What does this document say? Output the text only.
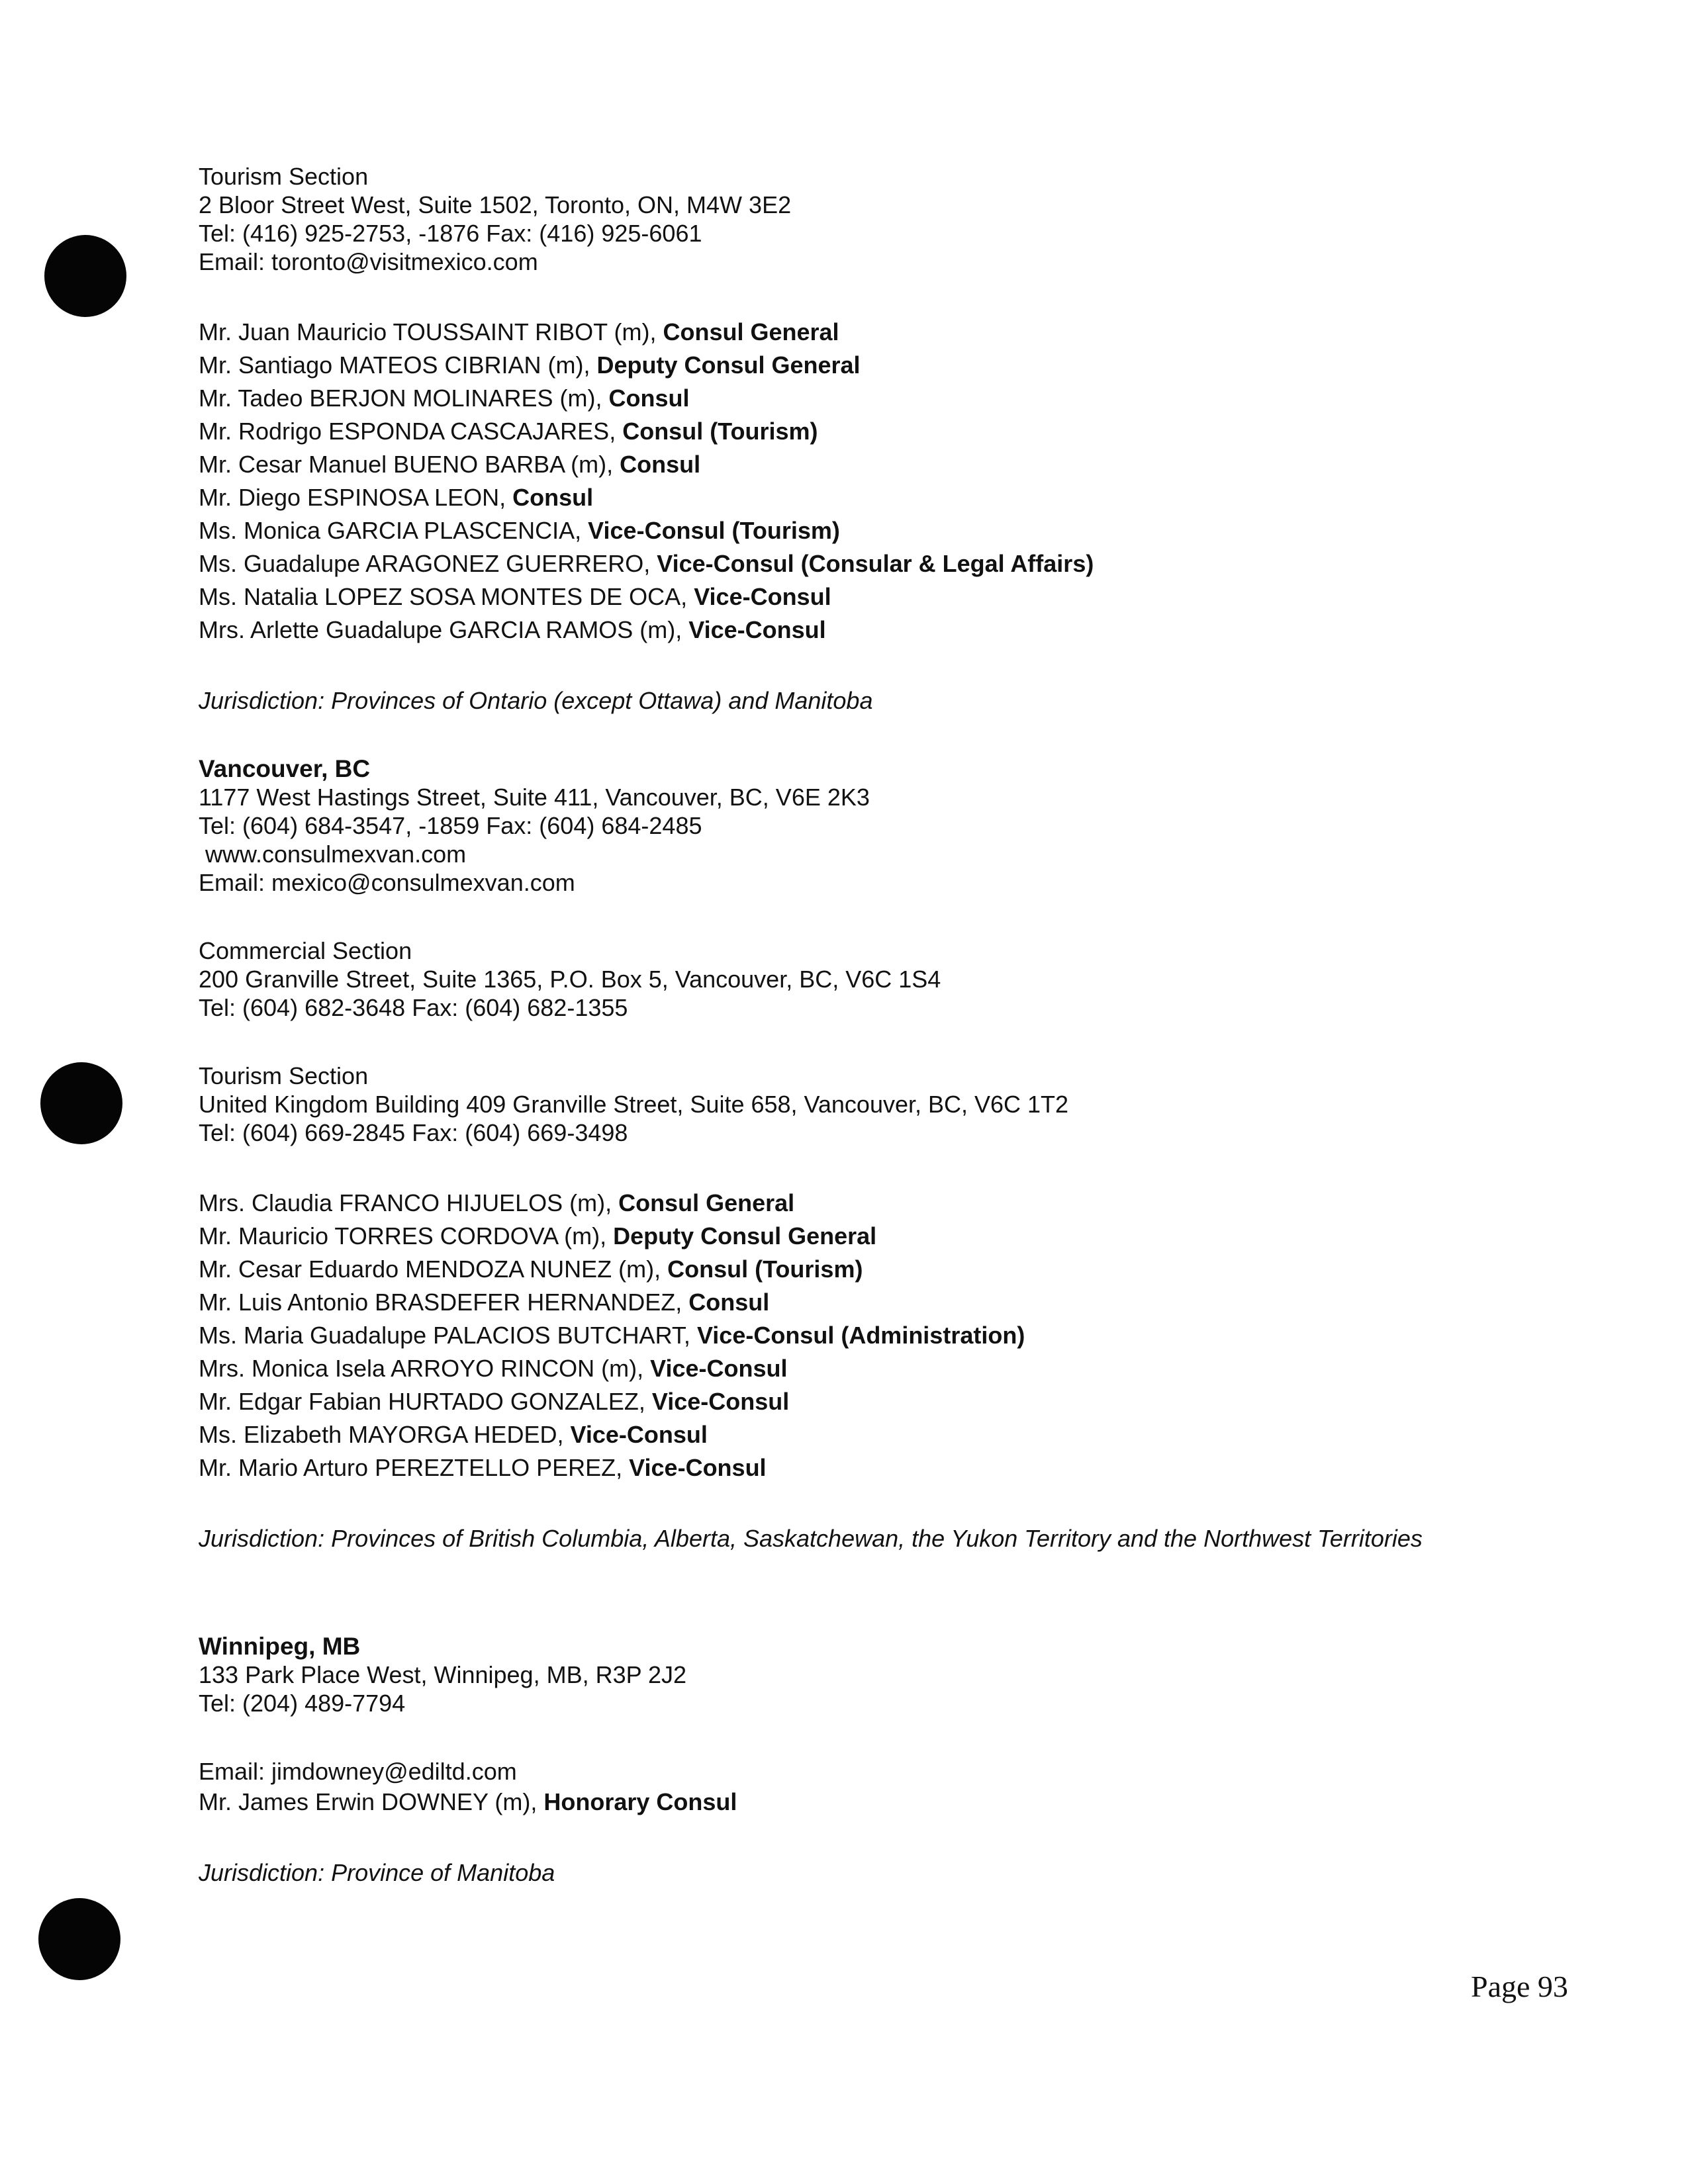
Tourism Section
2 Bloor Street West, Suite 1502, Toronto, ON, M4W 3E2
Tel: (416) 925-2753, -1876 Fax: (416) 925-6061
Email: toronto@visitmexico.com
Mr. Juan Mauricio TOUSSAINT RIBOT (m), Consul General
Mr. Santiago MATEOS CIBRIAN (m), Deputy Consul General
Mr. Tadeo BERJON MOLINARES (m), Consul
Mr. Rodrigo ESPONDA CASCAJARES, Consul (Tourism)
Mr. Cesar Manuel BUENO BARBA (m), Consul
Mr. Diego ESPINOSA LEON, Consul
Ms. Monica GARCIA PLASCENCIA, Vice-Consul (Tourism)
Ms. Guadalupe ARAGONEZ GUERRERO, Vice-Consul (Consular & Legal Affairs)
Ms. Natalia LOPEZ SOSA MONTES DE OCA, Vice-Consul
Mrs. Arlette Guadalupe GARCIA RAMOS (m), Vice-Consul
Jurisdiction: Provinces of Ontario (except Ottawa) and Manitoba
Vancouver, BC
1177 West Hastings Street, Suite 411, Vancouver, BC, V6E 2K3
Tel: (604) 684-3547, -1859 Fax: (604) 684-2485
www.consulmexvan.com
Email: mexico@consulmexvan.com
Commercial Section
200 Granville Street, Suite 1365, P.O. Box 5, Vancouver, BC, V6C 1S4
Tel: (604) 682-3648 Fax: (604) 682-1355
Tourism Section
United Kingdom Building 409 Granville Street, Suite 658, Vancouver, BC, V6C 1T2
Tel: (604) 669-2845 Fax: (604) 669-3498
Mrs. Claudia FRANCO HIJUELOS (m), Consul General
Mr. Mauricio TORRES CORDOVA (m), Deputy Consul General
Mr. Cesar Eduardo MENDOZA NUNEZ (m), Consul (Tourism)
Mr. Luis Antonio BRASDEFER HERNANDEZ, Consul
Ms. Maria Guadalupe PALACIOS BUTCHART, Vice-Consul (Administration)
Mrs. Monica Isela ARROYO RINCON (m), Vice-Consul
Mr. Edgar Fabian HURTADO GONZALEZ, Vice-Consul
Ms. Elizabeth MAYORGA HEDED, Vice-Consul
Mr. Mario Arturo PEREZTELLO PEREZ, Vice-Consul
Jurisdiction: Provinces of British Columbia, Alberta, Saskatchewan, the Yukon Territory and the Northwest Territories
Winnipeg, MB
133 Park Place West, Winnipeg, MB, R3P 2J2
Tel: (204) 489-7794
Email: jimdowney@ediltd.com
Mr. James Erwin DOWNEY (m), Honorary Consul
Jurisdiction: Province of Manitoba
Page 93
